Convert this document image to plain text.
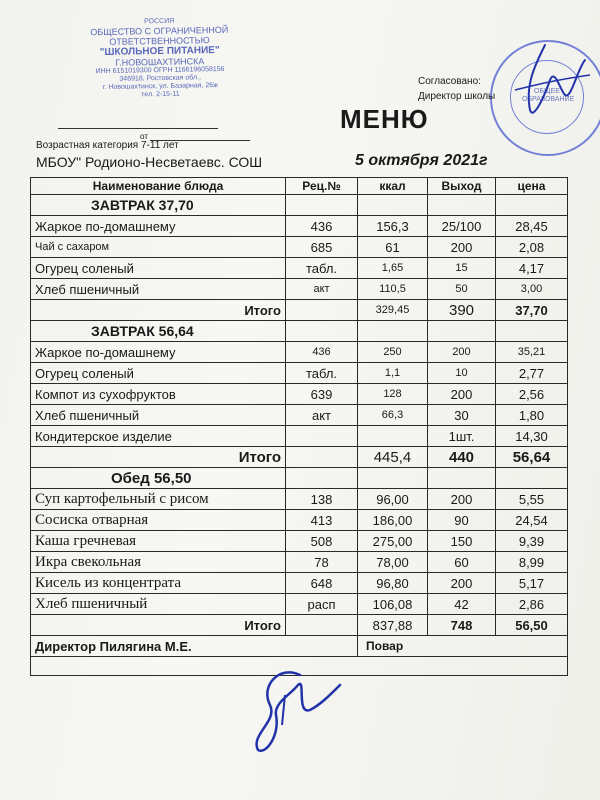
РОССИЯ
ОБЩЕСТВО С ОГРАНИЧЕННОЙ
ОТВЕТСТВЕННОСТЬЮ
"ШКОЛЬНОЕ ПИТАНИЕ"
Г.НОВОШАХТИНСКА
ИНН 6151019300 ОГРН 1166196058156
346918, Ростовская обл.,
г. Новошахтинск, ул. Базарная, 26ж
тел. 2-15-11	ОБЩЕЕ ОБРАЗОВАНИЕ
Согласовано:
Директор школы
МЕНЮ
от
Возрастная категория 7-11 лет
МБОУ" Родионо-Несветаевс. СОШ	5 октября 2021г
Наименование блюда	Рец.№	ккал	Выход	цена
ЗАВТРАК 37,70				
Жаркое по-домашнему	436	156,3	25/100	28,45
Чай с сахаром	685	61	200	2,08
Огурец соленый	табл.	1,65	15	4,17
Хлеб пшеничный	акт	110,5	50	3,00
Итого		329,45	390	37,70
ЗАВТРАК 56,64				
Жаркое по-домашнему	436	250	200	35,21
Огурец соленый	табл.	1,1	10	2,77
Компот из сухофруктов	639	128	200	2,56
Хлеб пшеничный	акт	66,3	30	1,80
Кондитерское изделие			1шт.	14,30
Итого		445,4	440	56,64
Обед 56,50				
Суп картофельный с рисом	138	96,00	200	5,55
Сосиска отварная	413	186,00	90	24,54
Каша гречневая	508	275,00	150	9,39
Икра свекольная	78	78,00	60	8,99
Кисель из концентрата	648	96,80	200	5,17
Хлеб пшеничный	расп	106,08	42	2,86
Итого		837,88	748	56,50
Директор Пилягина М.Е.		Повар		
